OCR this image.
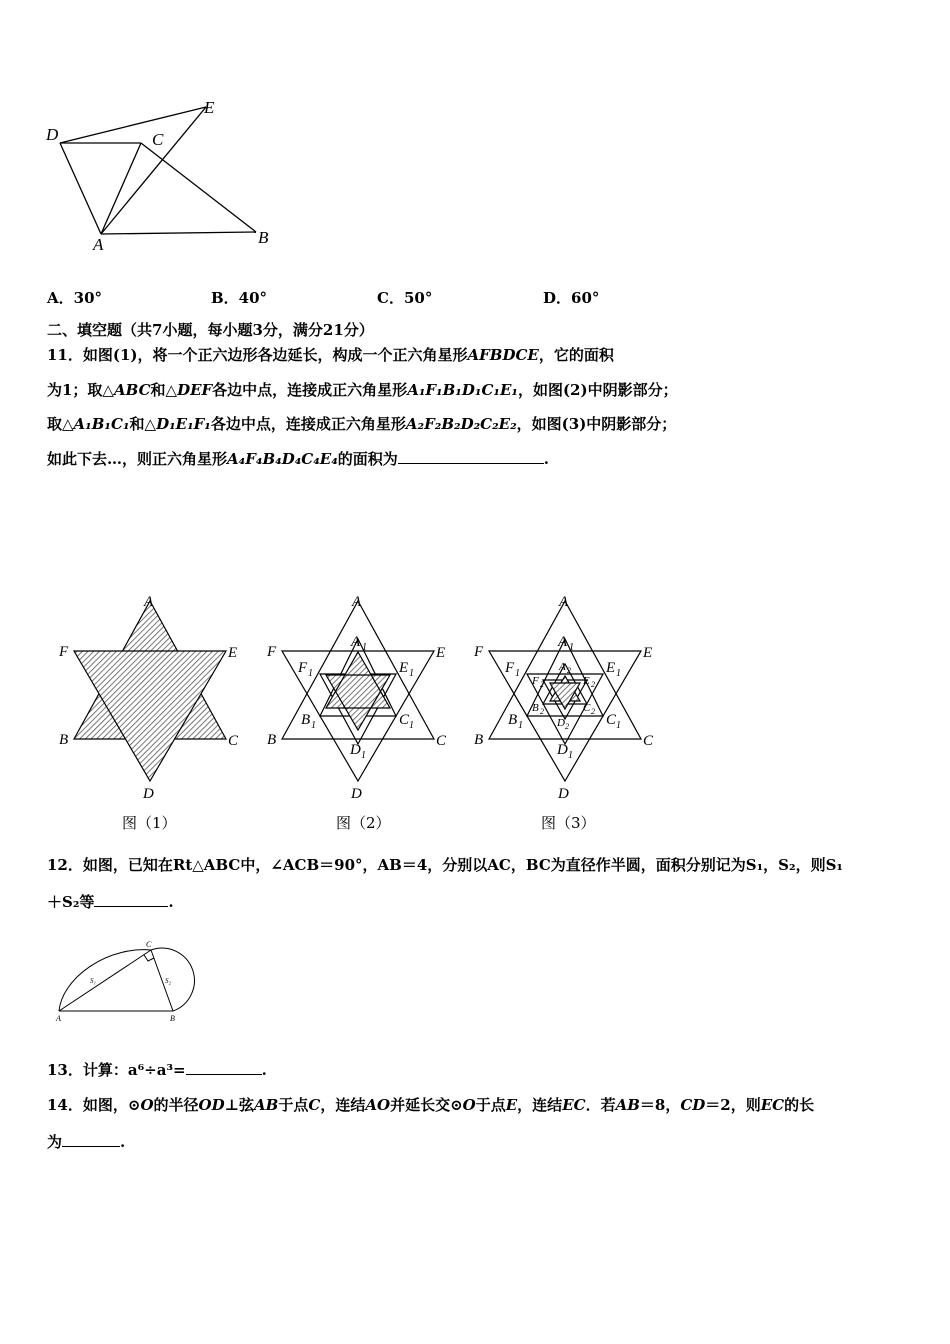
D	C
E
A	B
A．30°	B．40°	C．50°	D．60°
二、填空题（共7小题，每小题3分，满分21分）
11．如图(1)，将一个正六边形各边延长，构成一个正六角星形AFBDCE，它的面积
为1；取△ABC和△DEF各边中点，连接成正六角星形A₁F₁B₁D₁C₁E₁，如图(2)中阴影部分；
取△A₁B₁C₁和△D₁E₁F₁各边中点，连接成正六角星形A₂F₂B₂D₂C₂E₂，如图(3)中阴影部分；
如此下去…，则正六角星形A₄F₄B₄D₄C₄E₄的面积为	.
A
F	E
B	C
D
A
F	E
B	C
D
A 1
F 1	E 1
B 1	C 1
D 1
A
F	E
B	C
D
A 1
F 1	E 1
B 1	C 1
D 1
A 2
F 2	E 2
B 2	C 2
D 2
图（1）	图（2）	图（3）
12．如图，已知在Rt△ABC中，∠ACB＝90°，AB＝4，分别以AC，BC为直径作半圆，面积分别记为S₁，S₂，则S₁
＋S₂等	.
A	B
C
S₁	S₂
13．计算：a⁶÷a³=	.
14．如图，⊙O的半径OD⊥弦AB于点C，连结AO并延长交⊙O于点E，连结EC．若AB＝8，CD＝2，则EC的长
为	.
